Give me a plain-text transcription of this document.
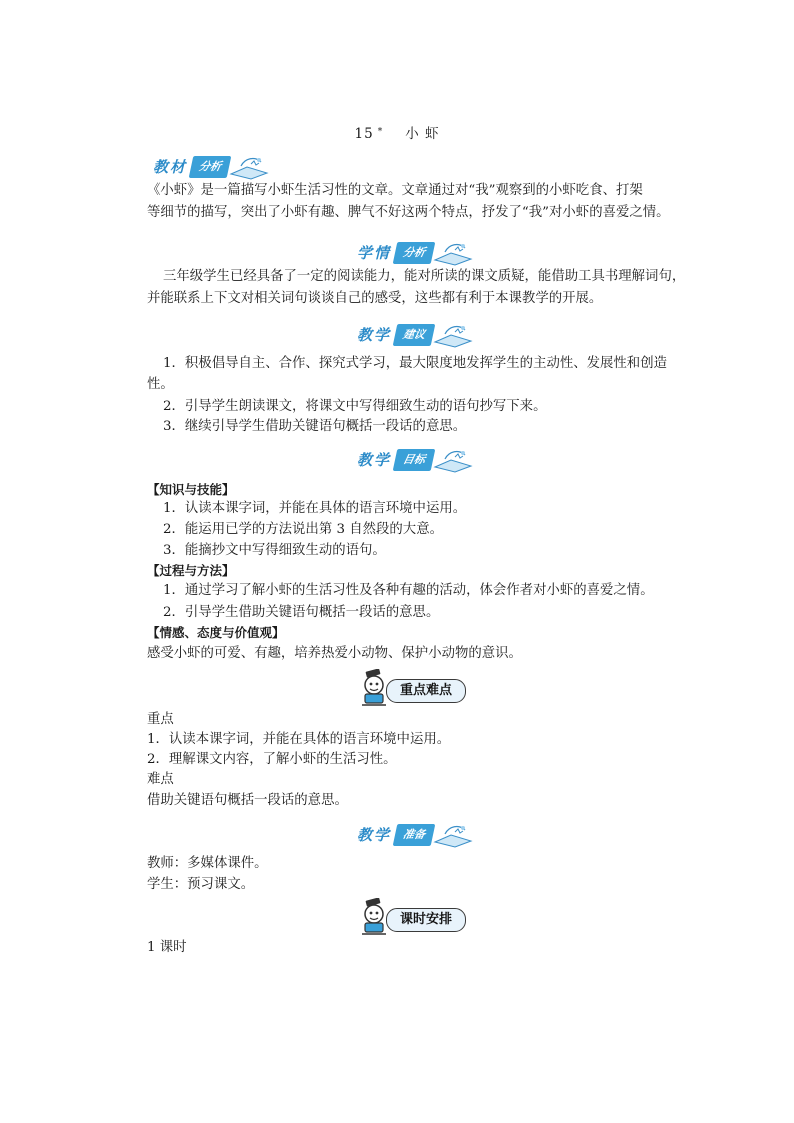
15 * 小 虾
教材 分析
《小虾》是一篇描写小虾生活习性的文章。文章通过对“我”观察到的小虾吃食、打架
等细节的描写，突出了小虾有趣、脾气不好这两个特点，抒发了“我”对小虾的喜爱之情。
学情 分析
三年级学生已经具备了一定的阅读能力，能对所读的课文质疑，能借助工具书理解词句，
并能联系上下文对相关词句谈谈自己的感受，这些都有利于本课教学的开展。
教学 建议
1．积极倡导自主、合作、探究式学习，最大限度地发挥学生的主动性、发展性和创造
性。
2．引导学生朗读课文，将课文中写得细致生动的语句抄写下来。
3．继续引导学生借助关键语句概括一段话的意思。
教学 目标
【知识与技能】
1．认读本课字词，并能在具体的语言环境中运用。
2．能运用已学的方法说出第 3 自然段的大意。
3．能摘抄文中写得细致生动的语句。
【过程与方法】
1．通过学习了解小虾的生活习性及各种有趣的活动，体会作者对小虾的喜爱之情。
2．引导学生借助关键语句概括一段话的意思。
【情感、态度与价值观】
感受小虾的可爱、有趣，培养热爱小动物、保护小动物的意识。
重点难点
重点
1．认读本课字词，并能在具体的语言环境中运用。
2．理解课文内容，了解小虾的生活习性。
难点
借助关键语句概括一段话的意思。
教学 准备
教师：多媒体课件。
学生：预习课文。
课时安排
1 课时
